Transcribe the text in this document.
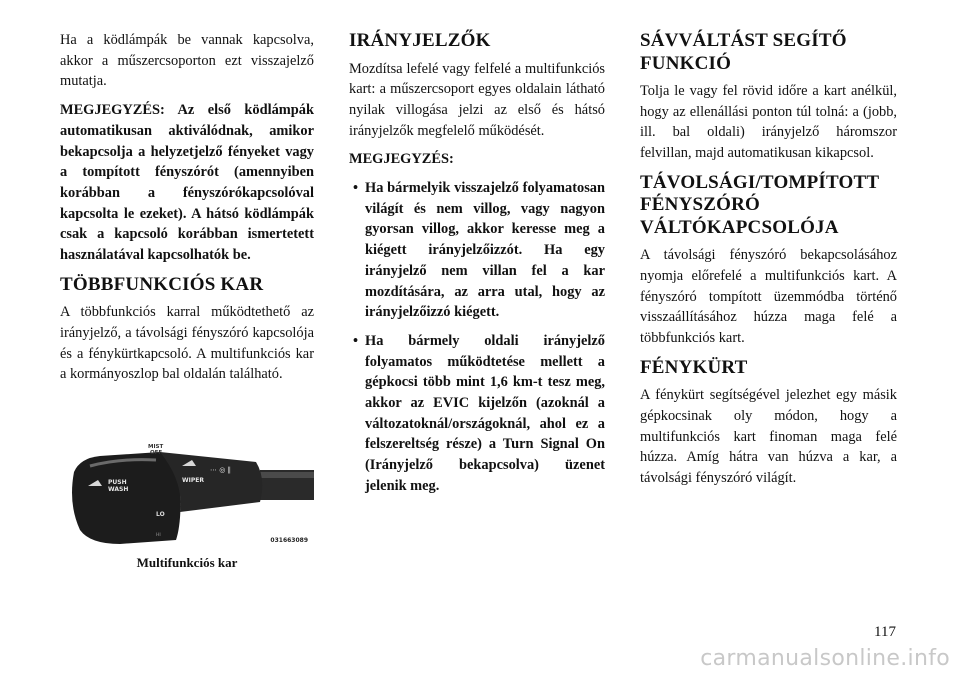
Ha a ködlámpák be vannak kapcsolva, akkor a műszercsoporton ezt visszajelző mutatja.

MEGJEGYZÉS: Az első ködlámpák automatikusan aktiválódnak, amikor bekapcsolja a helyzetjelző fényeket vagy a tompított fényszórót (amennyiben korábban a fényszórókapcsolóval kapcsolta le ezeket). A hátsó ködlámpák csak a kapcsoló korábban ismertetett használatával kapcsolhatók be.

TÖBBFUNKCIÓS KAR

A többfunkciós karral működtethető az irányjelző, a távolsági fényszóró kapcsolója és a fénykürtkapcsoló. A multifunkciós kar a kormányoszlop bal oldalán található.

PUSH WASH
MIST OFF
WIPER
⋯ ◎ ∥
LO
HI
031663089
Multifunkciós kar
IRÁNYJELZŐK

Mozdítsa lefelé vagy felfelé a multifunkciós kart: a műszercsoport egyes oldalain látható nyilak villogása jelzi az első és hátsó irányjelzők megfelelő működését.

MEGJEGYZÉS:

• Ha bármelyik visszajelző folyamatosan világít és nem villog, vagy nagyon gyorsan villog, akkor keresse meg a kiégett irányjelzőizzót. Ha egy irányjelző nem villan fel a kar mozdítására, az arra utal, hogy az irányjelzőizzó kiégett.
• Ha bármely oldali irányjelző folyamatos működtetése mellett a gépkocsi több mint 1,6 km-t tesz meg, akkor az EVIC kijelzőn (azoknál a változatoknál/országoknál, ahol ez a felszereltség része) a Turn Signal On (Irányjelző bekapcsolva) üzenet jelenik meg.
SÁVVÁLTÁST SEGÍTŐ FUNKCIÓ

Tolja le vagy fel rövid időre a kart anélkül, hogy az ellenállási ponton túl tolná: a (jobb, ill. bal oldali) irányjelző háromszor felvillan, majd automatikusan kikapcsol.

TÁVOLSÁGI/TOMPÍTOTT FÉNYSZÓRÓ VÁLTÓKAPCSOLÓJA

A távolsági fényszóró bekapcsolásához nyomja előrefelé a multifunkciós kart. A fényszóró tompított üzemmódba történő visszaállításához húzza maga felé a többfunkciós kart.

FÉNYKÜRT

A fénykürt segítségével jelezhet egy másik gépkocsinak oly módon, hogy a multifunkciós kart finoman maga felé húzza. Amíg hátra van húzva a kar, a távolsági fényszóró világít.

117
carmanualsonline.info
